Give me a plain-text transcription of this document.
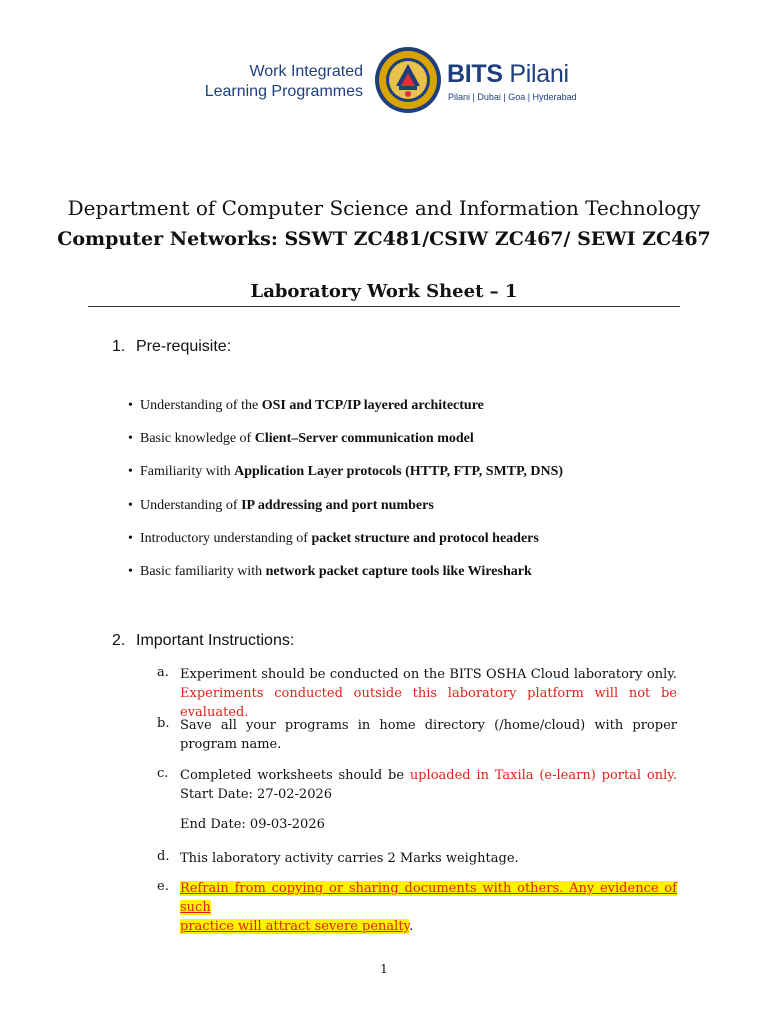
Work Integrated
Learning Programmes
BITS Pilani
Pilani | Dubai | Goa | Hyderabad
Department of Computer Science and Information Technology
Computer Networks: SSWT ZC481/CSIW ZC467/ SEWI ZC467
Laboratory Work Sheet – 1
1. Pre-requisite:
• Understanding of the OSI and TCP/IP layered architecture
• Basic knowledge of Client–Server communication model
• Familiarity with Application Layer protocols (HTTP, FTP, SMTP, DNS)
• Understanding of IP addressing and port numbers
• Introductory understanding of packet structure and protocol headers
• Basic familiarity with network packet capture tools like Wireshark
2. Important Instructions:
a. Experiment should be conducted on the BITS OSHA Cloud laboratory only.
Experiments conducted outside this laboratory platform will not be evaluated.
b. Save all your programs in home directory (/home/cloud) with proper
program name.
c. Completed worksheets should be uploaded in Taxila (e-learn) portal only.
Start Date: 27-02-2026
End Date: 09-03-2026
d. This laboratory activity carries 2 Marks weightage.
e. Refrain from copying or sharing documents with others. Any evidence of such
practice will attract severe penalty.
1
